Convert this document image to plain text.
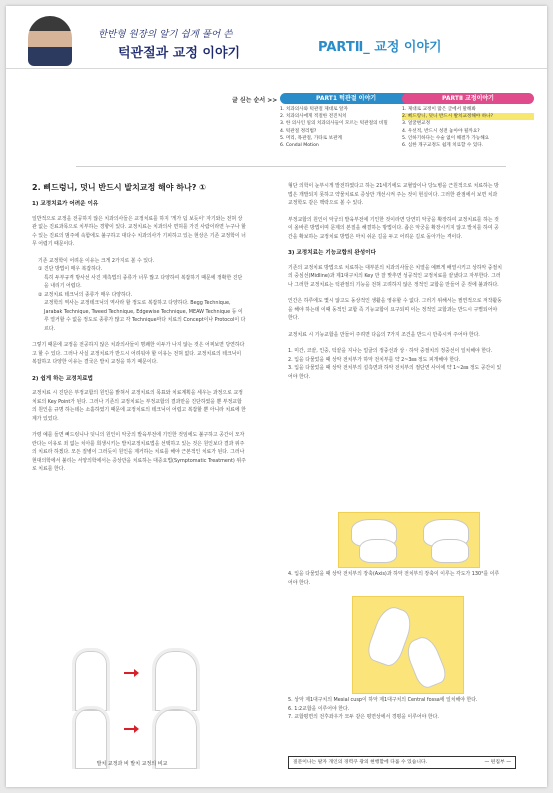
한반형 원장의 알기 쉽게 풀어 쓴
턱관절과 교정 이야기	PARTⅡ_ 교정 이야기
글 싣는 순서 >>	PART1 턱관절 이야기
1. 치과의사와 턱관절 제대로 알자
2. 치과의사에게 적절한 전진처치
3. 한 의사인 일의 치과의사들이 모르는 턱관절의 비밀
4. 턱관절 정리법?
5. 머리, 목관절, 가타로 보관계
6. Condal Motion
PARTⅡ 교정이야기
1. 제대로 교정이 많은 글에서 말해봐
2. 삐드랑니, 덧니 반드시 발치교정해야 하나?
3. 얼굴변교정
4. 우선적, 반드시 성전 놓아야 될까요?
5. 인하기하다는 수술 없이 해결가 가능해요
6. 심한 개구교정도 쉽게 치료할 수 있다.
2. 삐드렁니, 덧니 반드시 발치교정 해야 하나? ①
1) 교정치료가 어려운 이유

일반적으로 교정을 전공하지 않은 치과의사들은 교정치료를 하지 '게가 덥 보듯이' 자기와는 전혀 상관 없는 진료과목으로 치부하는 경향이 있다. 교정치료는 치과의사 면허를 가진 사람이라면 누구나 할 수 있는 진료의 범주에 속함에도 불구하고 대다수 치과의사가 기피하고 있는 현상은 기존 교정학이 너무 어렵기 때문이다.

기존 교정학이 어려운 이유는 크게 2가지로 볼 수 있다.

① 진단 방법이 매우 복잡하다.
특히 두부규격 방사선 사진 계측법의 종류가 너무 많고 다양하여 복잡하기 때문에 정확한 진단을 내리기 어렵다.
② 교정치료 테크닉의 종류가 매우 다양하다.
교정학의 역사는 교정테크닉의 역사라 할 정도로 복잡하고 다양하다. Begg Technique, Jarabak Technique, Tweed Technique, Edgewise Technique, MEAW Technique 등 이루 열거할 수 없을 정도로 종류가 많고 각 Technique마다 치료의 Concept이나 Protocol이 다르다.

그렇기 때문에 교정을 전공하지 않은 치과의사들이 명쾌한 이두가 나지 않는 것은 어찌보면 당연하다고 할 수 있다. 그러나 사실 교정치료가 반드시 어려워야 할 이유는 전혀 없다. 교정치료의 테크닉이 복잡하고 다양한 이유는 결국은 발치 교정을 하기 때문이다.

2) 쉽게 하는 교정치료법

교정치료 시 진단은 부정교합의 원인을 밝혀서 교정치료의 목표와 치료계획을 세우는 과정으로 교정치료의 Key Point가 된다. 그러나 기존의 교정치료는 부정교합의 결과만을 진단하였을 뿐 부정교합의 원인을 규명 하는데는 소홀하였기 때문에 교정치료의 테크닉이 어렵고 복잡할 뿐 아니라 치료에 한계가 있었다.

가령 예를 들면 삐드렁니나 덧니의 원인이 악궁의 발육부전에 기인한 것임에도 불구하고 공간이 모자란다는 이유로 죄 없는 치아를 희생시키는 발치교정치료법을 선택하고 있는 것은 원인보다 결과 위주의 치료라 하겠다. 모든 질병이 그러듯이 원인을 제거하는 치료를 해야 근본적인 치료가 된다. 그러나 현대의학에서 불리는 서양의학에서는 증상만을 치료하는 대증요법(Symptomatic Treatment) 위주로 치료를 한다.

발치 교정과 비 발치 교정의 비교

형단 의학이 눈부시게 발전하였다고 하는 21세기에도 교혈압이나 당뇨병을 근원적으로 치료하는 방법은 개발되지 못하고 약물치료로 증상만 개선시켜 주는 것이 현실이다. 그러한 관점에서 보면 치과 교정학도 같은 맥락으로 볼 수 있다.

부정교합의 원인이 악궁의 발육부전에 기인한 것이라면 당연히 악궁을 확장하여 교정치료를 하는 것이 올바른 방법이며 문제의 본질을 해결하는 방법이다. 좁은 악궁을 확장시키지 않고 발치를 하여 공간을 확보하는 교정치료 방법은 마치 쉬운 길을 두고 어려운 길로 돌아가는 격이다.

3) 교정치료는 기능교합의 완성이다

기존의 교정치료 방법으로 치료하는 대부분의 치과의사들은 치열을 예쁘게 배열시키고 상하악 중절치의 중심선(Midline)과 제1대구치의 Key 만 잘 맞추면 성공적인 교정치료를 끝냈다고 자부한다. 그러나 그러한 교정치료는 턱관절의 기능을 전혀 고려하지 않은 정적인 교합을 만들어 준 것에 불과하다.

인간은 하루에도 몇시 않고도 동상적인 생활을 영유할 수 없다. 그러기 위해서는 필연적으로 저작활동을 해야 하는데 이때 동적인 교합 즉 기능교합이 요구되며 이는 정적인 교합과는 반드시 구별되어야 한다.

교정치료 시 기능교합을 만들어 주려면 다음의 7가지 조건을 반드시 만족시켜 주어야 한다.

1. 미간, 코끝, 인중, 턱끝을 지나는 얼굴의 정중선과 상ㆍ하악 중절치의 정중선이 일치해야 한다.
2. 입을 다물었을 때 상악 전치부가 하악 전치부를 약 2~3㎜ 정도 피개해야 한다.
3. 입을 다물었을 때 상악 전치부의 설측면과 하악 전치부의 절단면 사이에 약 1~2㎜ 정도 공간이 있어야 한다.
4. 입을 다물었을 때 상악 전치부의 장축(Axis)과 하악 전치부의 장축이 이루는 각도가 130°를 이루어야 한다.
5. 상악 제1대구치의 Mesial cusp이 하악 제1대구치의 Central fossa에 일치해야 한다.
6. 1:2교합을 이루어야 한다.
7. 교합평면의 전후좌우가 모두 같은 평면상에서 경평을 이루어야 한다.
질문이나는 팔자 개인의 경력쿠 광의 현행할에 다룰 수 있습니다.	— 편집부 —
